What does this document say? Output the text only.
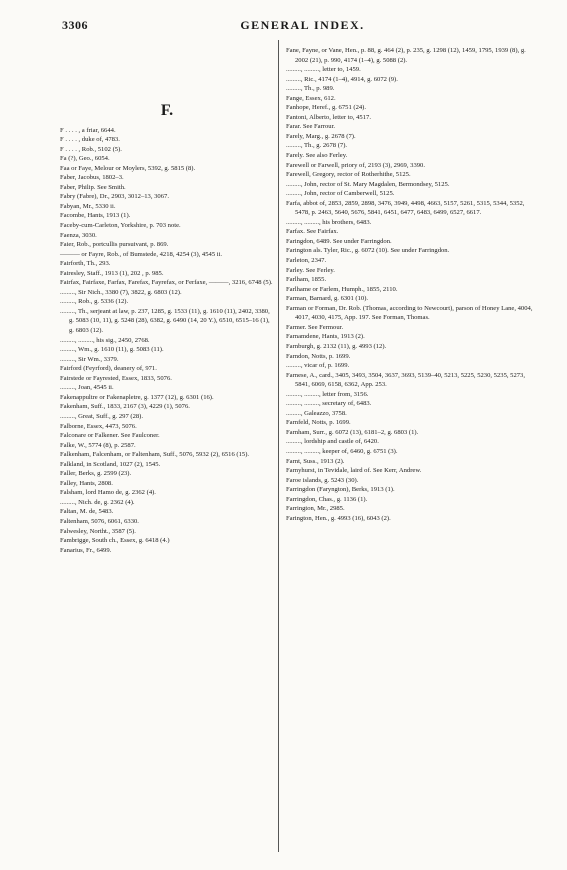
3306	GENERAL INDEX.
F.

F . . . . , a friar, 6644.

F . . . . , duke of, 4783.

F . . . . , Rob., 5102 (5).

Fa (?), Geo., 6054.

Faa or Faye, Melour or Moylers, 5392, g. 5815 (8).

Faber, Jacobus, 1802–3.

Faber, Philip. See Smith.

Fabry (Fabre), Dr., 2903, 3012–13, 3067.

Fabyan, Mr., 5330 ii.

Facombe, Hants, 1913 (1).

Faceby-cum-Carleton, Yorkshire, p. 703 note.

Faenza, 3030.

Faier, Rob., portcullis pursuivant, p. 869.

——— or Fayre, Rob., of Bumstede, 4218, 4254 (3), 4545 ii.

Fairforth, Th., 293.

Fairesley, Staff., 1913 (1), 202 , p. 985.

Fairfax, Fairfaxe, Farfax, Farefax, Fayrefax, or Ferfaxe, ———, 3216, 6748 (5).

........., Sir Nich., 3380 (7), 3822, g. 6803 (12).

........., Rob., g. 5336 (12).

........., Th., serjeant at law, p. 237, 1285, g. 1533 (11), g. 1610 (11), 2402, 3380, g. 5083 (10, 11), g. 5248 (28), 6382, g. 6490 (14, 20 Y.), 6510, 6515–16 (1), g. 6803 (12).

........., ........., his sig., 2450, 2768.

........., Wm., g. 1610 (11), g. 5083 (11).

........., Sir Wm., 3379.

Fairford (Feyrford), deanery of, 971.

Fairstede or Fayrested, Essex, 1833, 5076.

........., Joan, 4545 ii.

Fakenappultre or Fakenapletre, g. 1377 (12), g. 6301 (16).

Fakenham, Suff., 1833, 2167 (3), 4229 (1), 5076.

........., Great, Suff., g. 297 (28).

Falborne, Essex, 4473, 5076.

Falconare or Falkener. See Faulconer.

Falke, W., 5774 (8), p. 2587.

Falkenham, Falcenham, or Faltenham, Suff., 5076, 5932 (2), 6516 (15).

Falkland, in Scotland, 1027 (2), 1545.

Faller, Berks, g. 2599 (23).

Falley, Hants, 2808.

Falsham, lord Hamo de, g. 2362 (4).

........., Nich. de, g. 2362 (4).

Faltan, M. de, 5483.

Faltenham, 5076, 6061, 6330.

Falwesley, Northt., 3587 (5).

Fambrigge, South ch., Essex, g. 6418 (4.)

Fanarius, Fr., 6499.

Fane, Fayne, or Vane, Hen., p. 88, g. 464 (2), p. 235, g. 1298 (12), 1459, 1795, 1939 (8), g. 2002 (21), p. 990, 4174 (1–4), g. 5088 (2).

........., ........., letter to, 1459.

........., Ric., 4174 (1–4), 4914, g. 6072 (9).

........., Th., p. 989.

Fange, Essex, 612.

Fanhope, Heref., g. 6751 (24).

Fantoni, Alberto, letter to, 4517.

Farar. See Farrour.

Farely, Marg., g. 2678 (7).

........., Th., g. 2678 (7).

Farely. See also Ferley.

Farewell or Farwell, priory of, 2193 (3), 2969, 3390.

Farewell, Gregory, rector of Rotherhithe, 5125.

........., John, rector of St. Mary Magdalen, Bermondsey, 5125.

........., John, rector of Camberwell, 5125.

Farfa, abbot of, 2853, 2859, 2898, 3476, 3949, 4498, 4663, 5157, 5261, 5315, 5344, 5352, 5478, p. 2463, 5640, 5676, 5841, 6451, 6477, 6483, 6499, 6527, 6617.

........., ........., his brothers, 6483.

Farfax. See Fairfax.

Faringdon, 6489. See under Farringdon.

Farington als. Tyler, Ric., g. 6072 (10). See under Farringdon.

Farleton, 2347.

Farley. See Ferley.

Farlham, 1855.

Farlhame or Farlem, Humph., 1855, 2110.

Farman, Barnard, g. 6301 (10).

Farman or Forman, Dr. Rob. (Thomas, according to Newcourt), parson of Honey Lane, 4004, 4017, 4030, 4175, App. 197. See Forman, Thomas.

Farmer. See Fermour.

Farnamdene, Hants, 1913 (2).

Farnburgh, g. 2132 (11), g. 4993 (12).

Farndon, Notts, p. 1699.

........., vicar of, p. 1699.

Farnese, A., card., 3405, 3493, 3504, 3637, 3693, 5139–40, 5213, 5225, 5230, 5235, 5273, 5841, 6069, 6158, 6362, App. 253.

........., ........., letter from, 3156.

........., ........., secretary of, 6483.

........., Galeazzo, 3758.

Farnfeld, Notts, p. 1699.

Farnham, Surr., g. 6072 (13), 6181–2, g. 6803 (1).

........., lordship and castle of, 6420.

........., ........., keeper of, 6460, g. 6751 (3).

Farnt, Suss., 1913 (2).

Farnyhurst, in Tevidale, laird of. See Kerr, Andrew.

Faroe islands, g. 5243 (30).

Farringdon (Faryngton), Berks, 1913 (1).

Farringdon, Chas., g. 1136 (1).

Farrington, Mr., 2985.

Farington, Hen., g. 4993 (16), 6043 (2).
